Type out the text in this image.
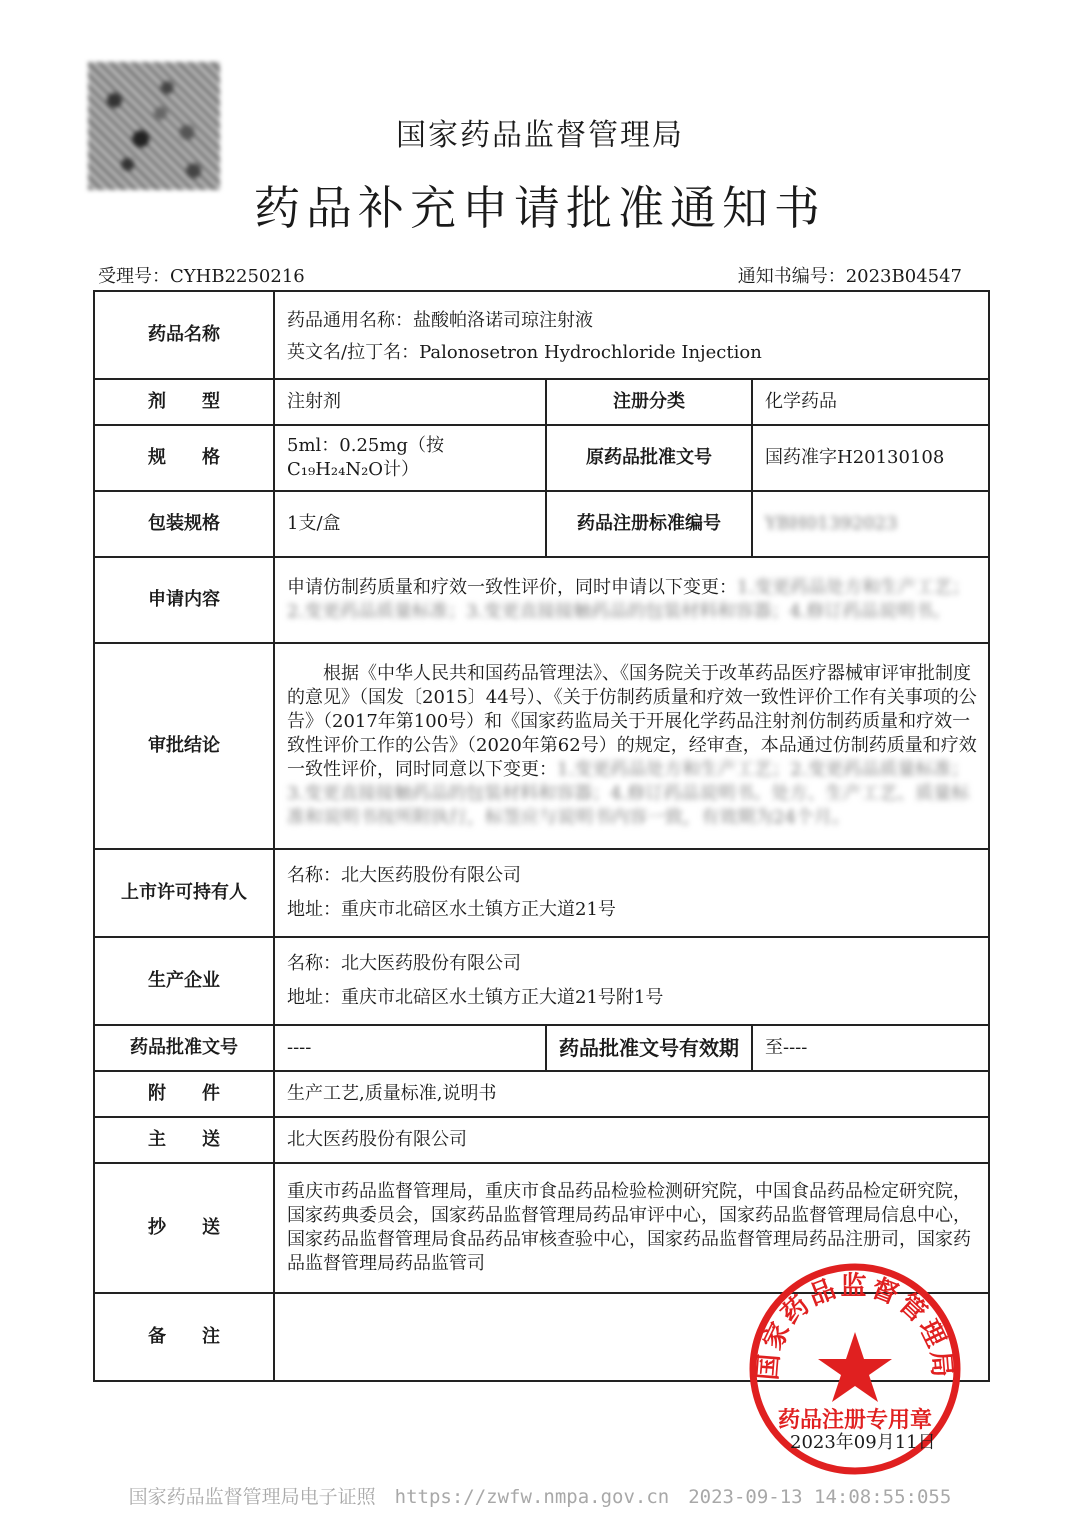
国家药品监督管理局
药品补充申请批准通知书
受理号：CYHB2250216	通知书编号：2023B04547
药品名称	药品通用名称：盐酸帕洛诺司琼注射液
英文名/拉丁名：Palonosetron Hydrochloride Injection		

剂　　型	注射剂	注册分类	化学药品
规　　格	5ml：0.25mg（按C₁₉H₂₄N₂O计）	原药品批准文号	国药准字H20130108
包装规格	1支/盒	药品注册标准编号	YBH01392023
申请内容	申请仿制药质量和疗效一致性评价，同时申请以下变更：1.变更药品处方和生产工艺；2.变更药品质量标准；3.变更直接接触药品的包装材料和容器；4.修订药品说明书。		
审批结论	根据《中华人民共和国药品管理法》、《国务院关于改革药品医疗器械审评审批制度的意见》（国发〔2015〕44号）、《关于仿制药质量和疗效一致性评价工作有关事项的公告》（2017年第100号）和《国家药监局关于开展化学药品注射剂仿制药质量和疗效一致性评价工作的公告》（2020年第62号）的规定，经审查，本品通过仿制药质量和疗效一致性评价，同时同意以下变更：1.变更药品处方和生产工艺；2.变更药品质量标准；3.变更直接接触药品的包装材料和容器；4.修订药品说明书。处方、生产工艺、质量标准和说明书按所附执行，标签应与说明书内容一致，有效期为24个月。		
上市许可持有人	名称：北大医药股份有限公司
地址：重庆市北碚区水土镇方正大道21号		

生产企业	名称：北大医药股份有限公司
地址：重庆市北碚区水土镇方正大道21号附1号		

药品批准文号	----	药品批准文号有效期	至----
附　　件	生产工艺,质量标准,说明书		
主　　送	北大医药股份有限公司		
抄　　送	重庆市药品监督管理局，重庆市食品药品检验检测研究院，中国食品药品检定研究院，国家药典委员会，国家药品监督管理局药品审评中心，国家药品监督管理局信息中心，国家药品监督管理局食品药品审核查验中心，国家药品监督管理局药品注册司，国家药品监督管理局药品监管司		
备　　注			
国家药品监督管理局
药品注册专用章
2023年09月11日
国家药品监督管理局电子证照　https://zwfw.nmpa.gov.cn　2023-09-13 14:08:55:055
